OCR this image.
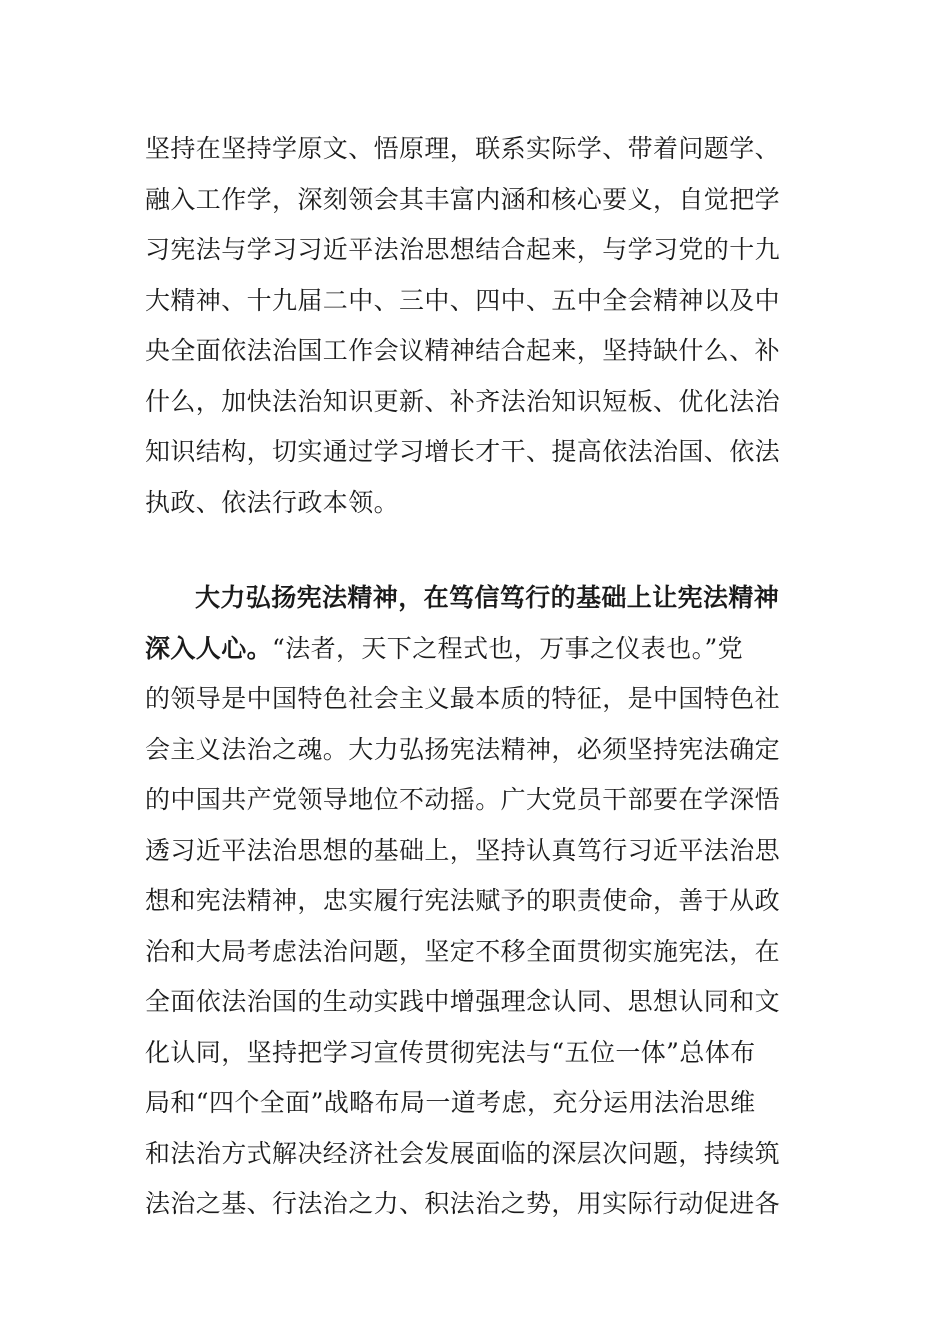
坚持在坚持学原文、悟原理，联系实际学、带着问题学、
融入工作学，深刻领会其丰富内涵和核心要义，自觉把学
习宪法与学习习近平法治思想结合起来，与学习党的十九
大精神、十九届二中、三中、四中、五中全会精神以及中
央全面依法治国工作会议精神结合起来，坚持缺什么、补
什么，加快法治知识更新、补齐法治知识短板、优化法治
知识结构，切实通过学习增长才干、提高依法治国、依法
执政、依法行政本领。
大力弘扬宪法精神，在笃信笃行的基础上让宪法精神
深入人心。“法者，天下之程式也，万事之仪表也。”党
的领导是中国特色社会主义最本质的特征，是中国特色社
会主义法治之魂。大力弘扬宪法精神，必须坚持宪法确定
的中国共产党领导地位不动摇。广大党员干部要在学深悟
透习近平法治思想的基础上，坚持认真笃行习近平法治思
想和宪法精神，忠实履行宪法赋予的职责使命，善于从政
治和大局考虑法治问题，坚定不移全面贯彻实施宪法，在
全面依法治国的生动实践中增强理念认同、思想认同和文
化认同，坚持把学习宣传贯彻宪法与“五位一体”总体布
局和“四个全面”战略布局一道考虑，充分运用法治思维
和法治方式解决经济社会发展面临的深层次问题，持续筑
法治之基、行法治之力、积法治之势，用实际行动促进各
